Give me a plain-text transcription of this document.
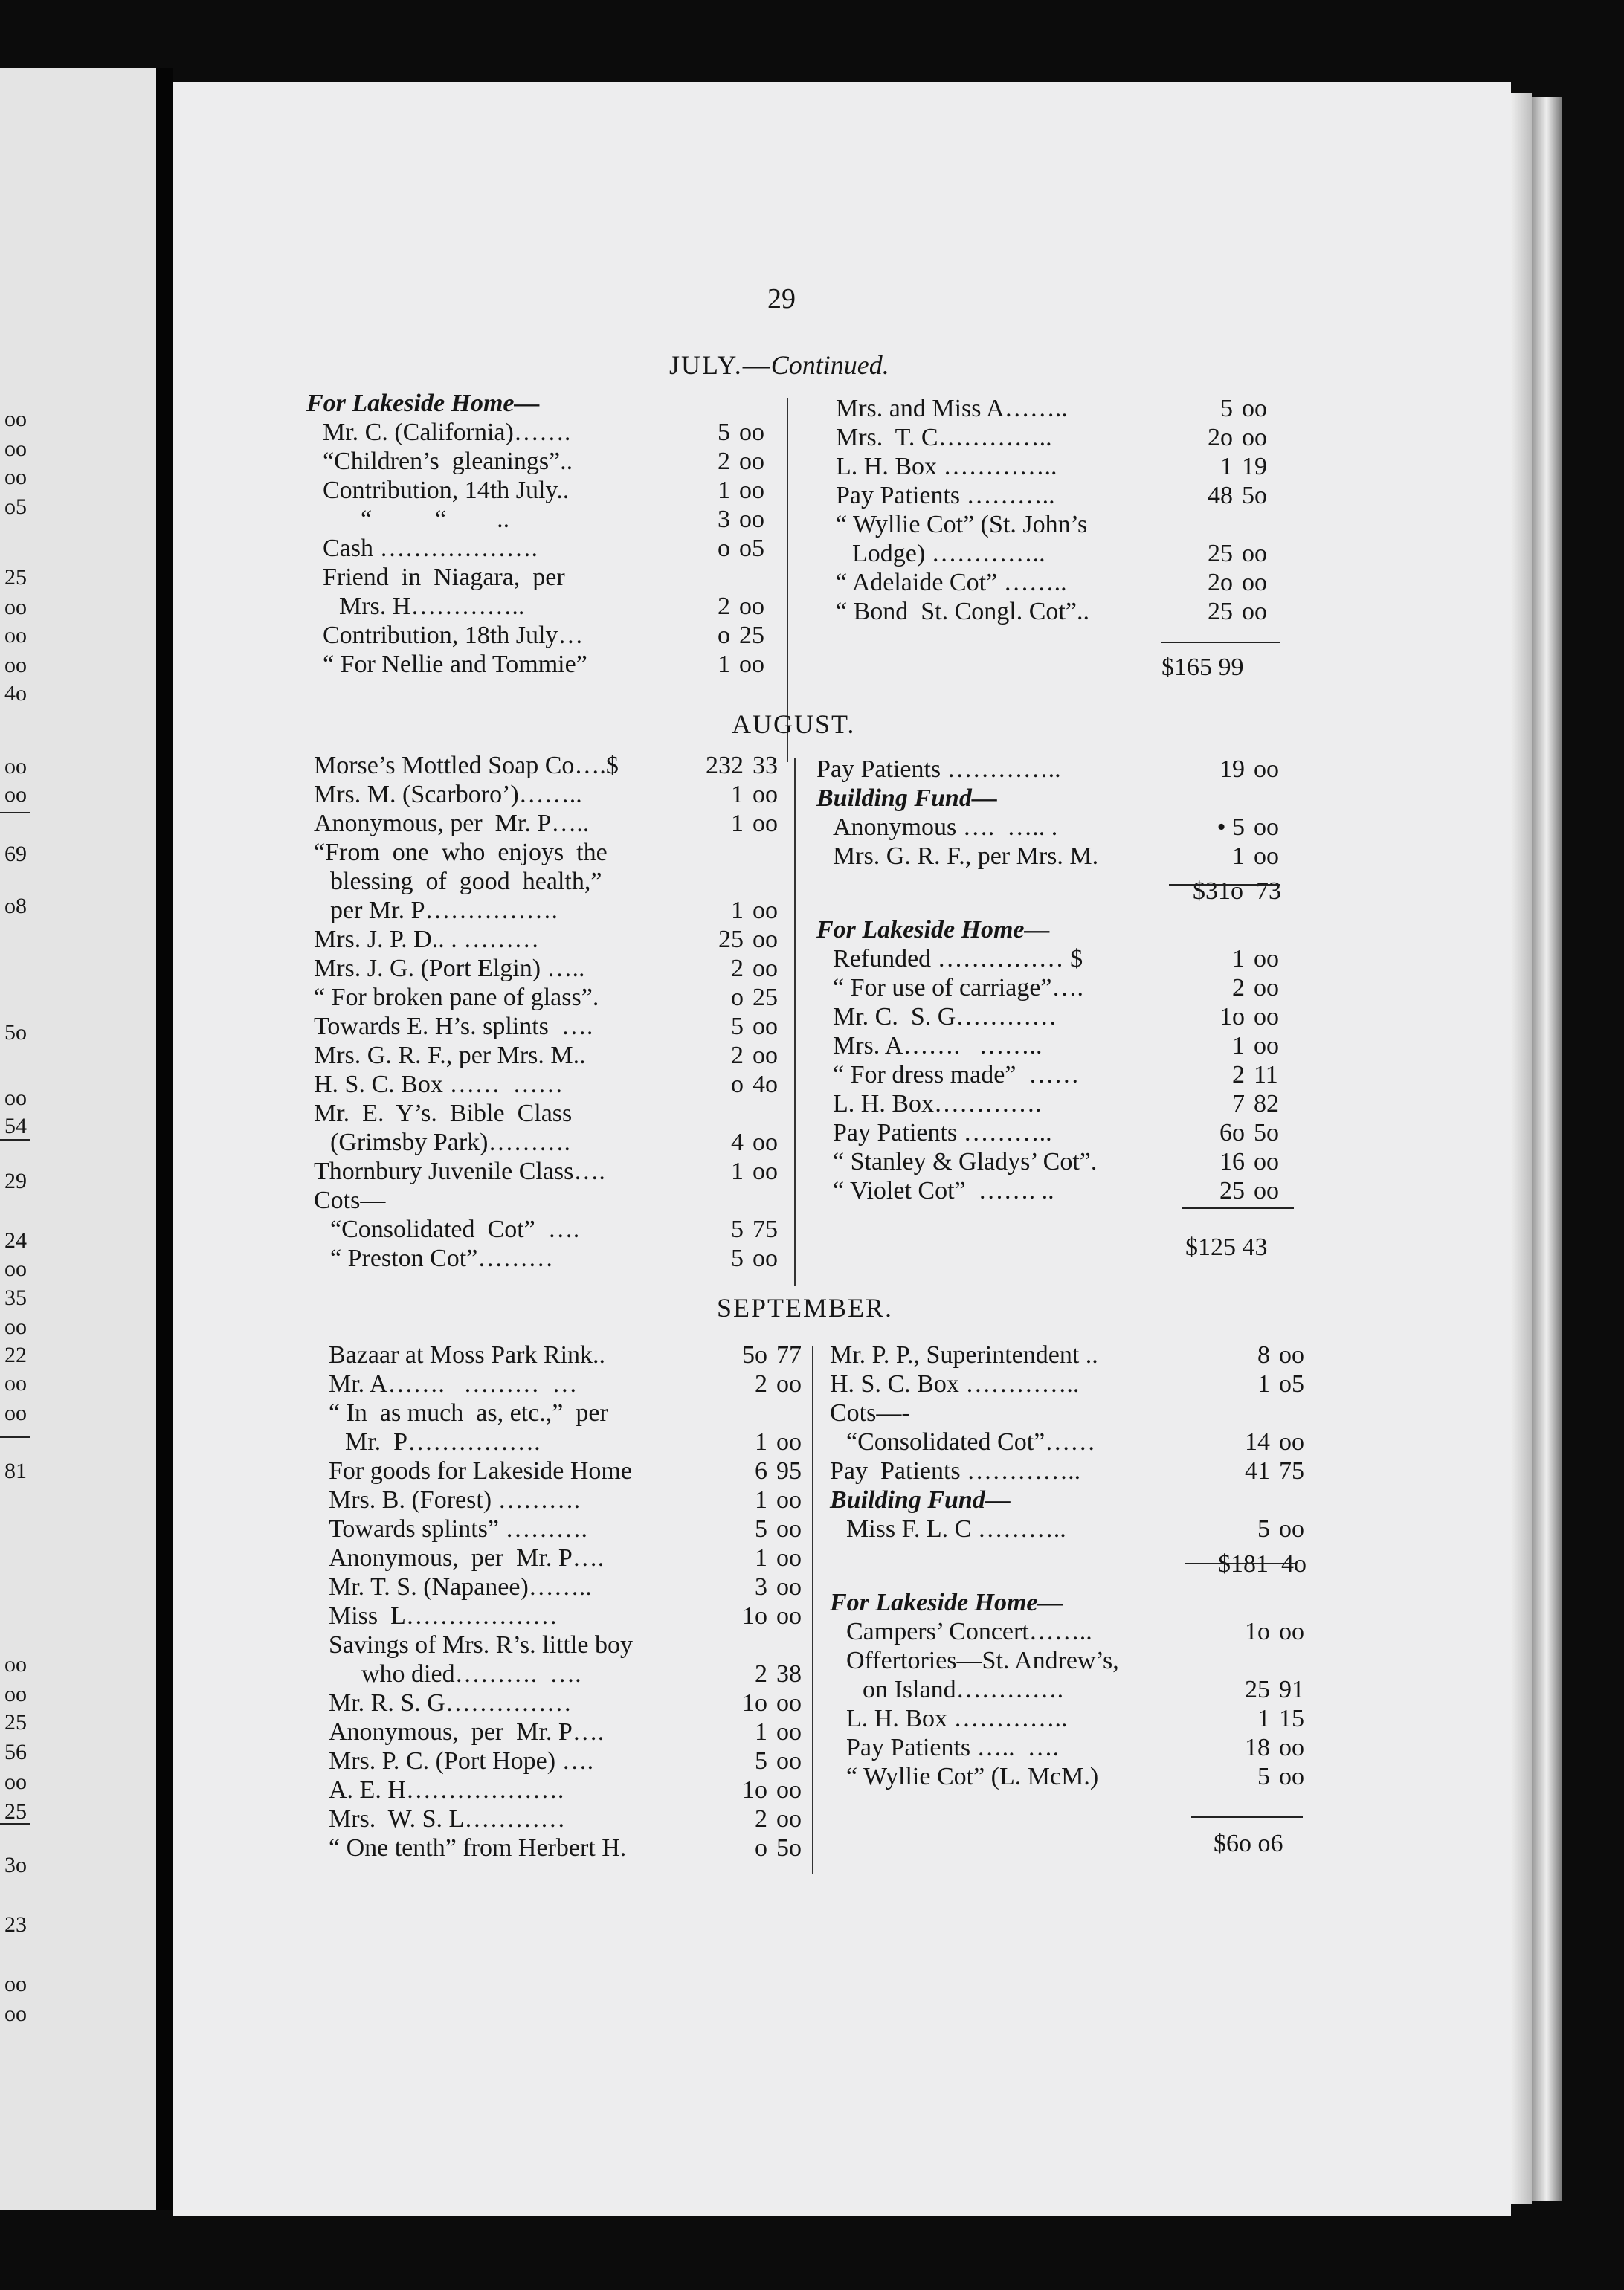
oo
oo
oo
o5
25
oo
oo
oo
4o
oo
oo
69
o8
5o
oo
54
29
24
oo
35
oo
22
oo
oo
81
oo
oo
25
56
oo
25
3o
23
oo
oo
29
JULY.—Continued.
For Lakeside Home—
Mr. C. (California)…….	5 oo
“Children’s  gleanings”..	2 oo
Contribution, 14th July..	1 oo
“          “        ..	3 oo
Cash ……………….	o o5
Friend  in  Niagara,  per
Mrs. H…………..	2 oo
Contribution, 18th July…	o 25
“ For Nellie and Tommie”	1 oo
Mrs. and Miss A……..	5 oo
Mrs.  T. C…………..	2o oo
L. H. Box …………..	1 19
Pay Patients ………..	48 5o
“ Wyllie Cot” (St. John’s
Lodge) …………..	25 oo
“ Adelaide Cot” ……..	2o oo
“ Bond  St. Congl. Cot”..	25 oo
$165 99
AUGUST.
Morse’s Mottled Soap Co….$	232 33
Mrs. M. (Scarboro’)……..	1 oo
Anonymous, per  Mr. P…..	1 oo
“From  one  who  enjoys  the
blessing  of  good  health,”
per Mr. P…………….	1 oo
Mrs. J. P. D.. . ………	25 oo
Mrs. J. G. (Port Elgin) …..	2 oo
“ For broken pane of glass”.	o 25
Towards E. H’s. splints  ….	5 oo
Mrs. G. R. F., per Mrs. M..	2 oo
H. S. C. Box ……  ……	o 4o
Mr.  E.  Y’s.  Bible  Class
(Grimsby Park)……….	4 oo
Thornbury Juvenile Class….	1 oo
Cots—
“Consolidated  Cot”  ….	5 75
“ Preston Cot”………	5 oo
Pay Patients …………..	19 oo
Building Fund—
Anonymous ….  ….. .	• 5 oo
Mrs. G. R. F., per Mrs. M.	1 oo
$31o  73
For Lakeside Home—
Refunded …………… $	1 oo
“ For use of carriage”….	2 oo
Mr. C.  S. G…………	1o oo
Mrs. A…….   ……..	1 oo
“ For dress made”  ……	2 11
L. H. Box………….	7 82
Pay Patients ………..	6o 5o
“ Stanley & Gladys’ Cot”.	16 oo
“ Violet Cot”  ……. ..	25 oo
$125 43
SEPTEMBER.
Bazaar at Moss Park Rink..	5o 77
Mr. A…….   ………  …	2 oo
“ In  as much  as, etc.,”  per
Mr.  P…………….	1 oo
For goods for Lakeside Home	6 95
Mrs. B. (Forest) ……….	1 oo
Towards splints” ……….	5 oo
Anonymous,  per  Mr. P….	1 oo
Mr. T. S. (Napanee)……..	3 oo
Miss  L………………	1o oo
Savings of Mrs. R’s. little boy
who died……….  ….	2 38
Mr. R. S. G……………	1o oo
Anonymous,  per  Mr. P….	1 oo
Mrs. P. C. (Port Hope) ….	5 oo
A. E. H……………….	1o oo
Mrs.  W. S. L…………	2 oo
“ One tenth” from Herbert H.	o 5o
Mr. P. P., Superintendent ..	8 oo
H. S. C. Box …………..	1 o5
Cots—-
“Consolidated Cot”……	14 oo
Pay  Patients …………..	41 75
Building Fund—
Miss F. L. C ………..	5 oo
$181  4o
For Lakeside Home—
Campers’ Concert……..	1o oo
Offertories—St. Andrew’s,
on Island………….	25 91
L. H. Box …………..	1 15
Pay Patients …..  ….	18 oo
“ Wyllie Cot” (L. McM.)	5 oo
$6o o6
